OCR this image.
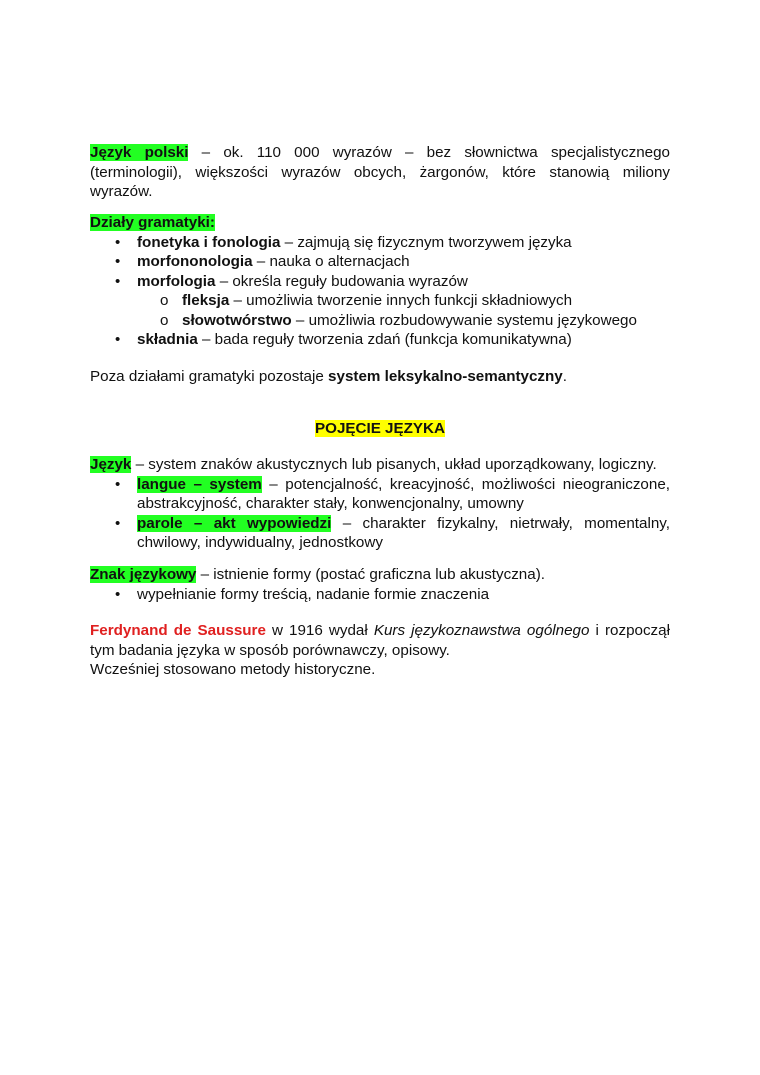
Język polski – ok. 110 000 wyrazów – bez słownictwa specjalistycznego (terminologii), większości wyrazów obcych, żargonów, które stanowią miliony wyrazów.
Działy gramatyki:
• fonetyka i fonologia – zajmują się fizycznym tworzywem języka
• morfononologia – nauka o alternacjach
• morfologia – określa reguły budowania wyrazów
o fleksja – umożliwia tworzenie innych funkcji składniowych
o słowotwórstwo – umożliwia rozbudowywanie systemu językowego
• składnia – bada reguły tworzenia zdań (funkcja komunikatywna)
Poza działami gramatyki pozostaje system leksykalno-semantyczny.
POJĘCIE JĘZYKA
Język – system znaków akustycznych lub pisanych, układ uporządkowany, logiczny.
• langue – system – potencjalność, kreacyjność, możliwości nieograniczone, abstrakcyjność, charakter stały, konwencjonalny, umowny
• parole – akt wypowiedzi – charakter fizykalny, nietrwały, momentalny, chwilowy, indywidualny, jednostkowy
Znak językowy – istnienie formy (postać graficzna lub akustyczna).
• wypełnianie formy treścią, nadanie formie znaczenia
Ferdynand de Saussure w 1916 wydał Kurs językoznawstwa ogólnego i rozpoczął tym badania języka w sposób porównawczy, opisowy.
Wcześniej stosowano metody historyczne.
